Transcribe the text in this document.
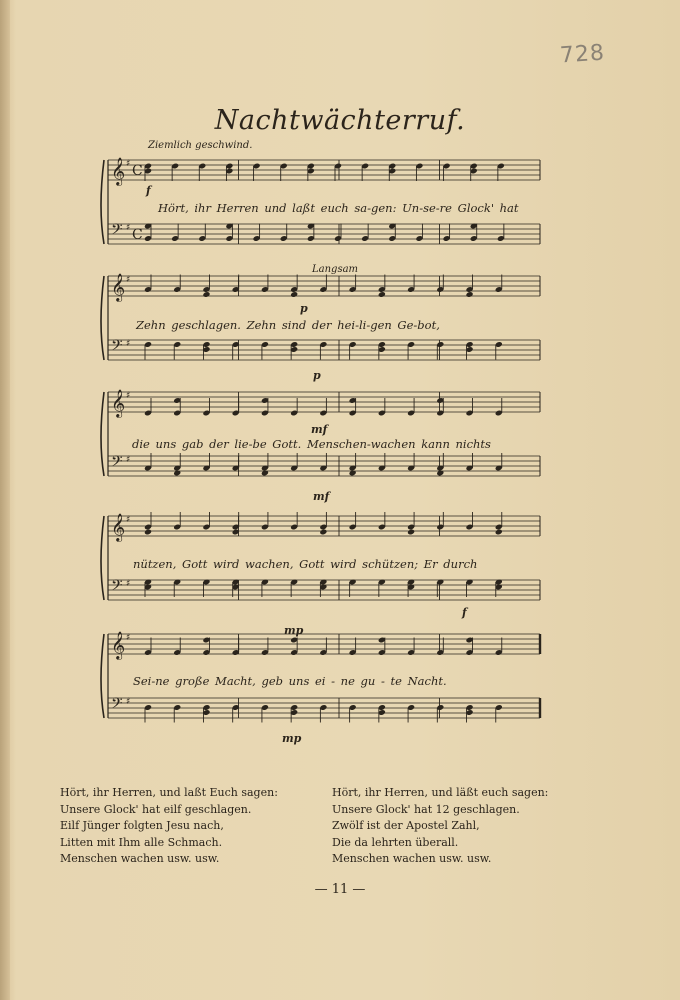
728
Nachtwächterruf.
Ziemlich geschwind.
Langsam
f
p
p
mf
mf
f
mp
mp
𝄞 ♯
𝄢 ♯
C
C
𝄞 ♯
𝄢 ♯
𝄞 ♯
𝄢 ♯
𝄞 ♯
𝄢 ♯
𝄞 ♯
𝄢 ♯
Hört, ihr Herren und laßt euch sa-gen: Un-se-re Glock' hat
Zehn geschlagen. Zehn sind der hei-li-gen Ge-bot,
die uns gab der lie-be Gott. Menschen-wachen kann nichts
nützen, Gott wird wachen, Gott wird schützen; Er durch
Sei-ne große Macht, geb uns ei - ne gu - te Nacht.
Hört, ihr Herren, und laßt Euch sagen:
Unsere Glock' hat eilf geschlagen.
Eilf Jünger folgten Jesu nach,
Litten mit Ihm alle Schmach.
Menschen wachen usw. usw.
Hört, ihr Herren, und läßt euch sagen:
Unsere Glock' hat 12 geschlagen.
Zwölf ist der Apostel Zahl,
Die da lehrten überall.
Menschen wachen usw. usw.
— 11 —
